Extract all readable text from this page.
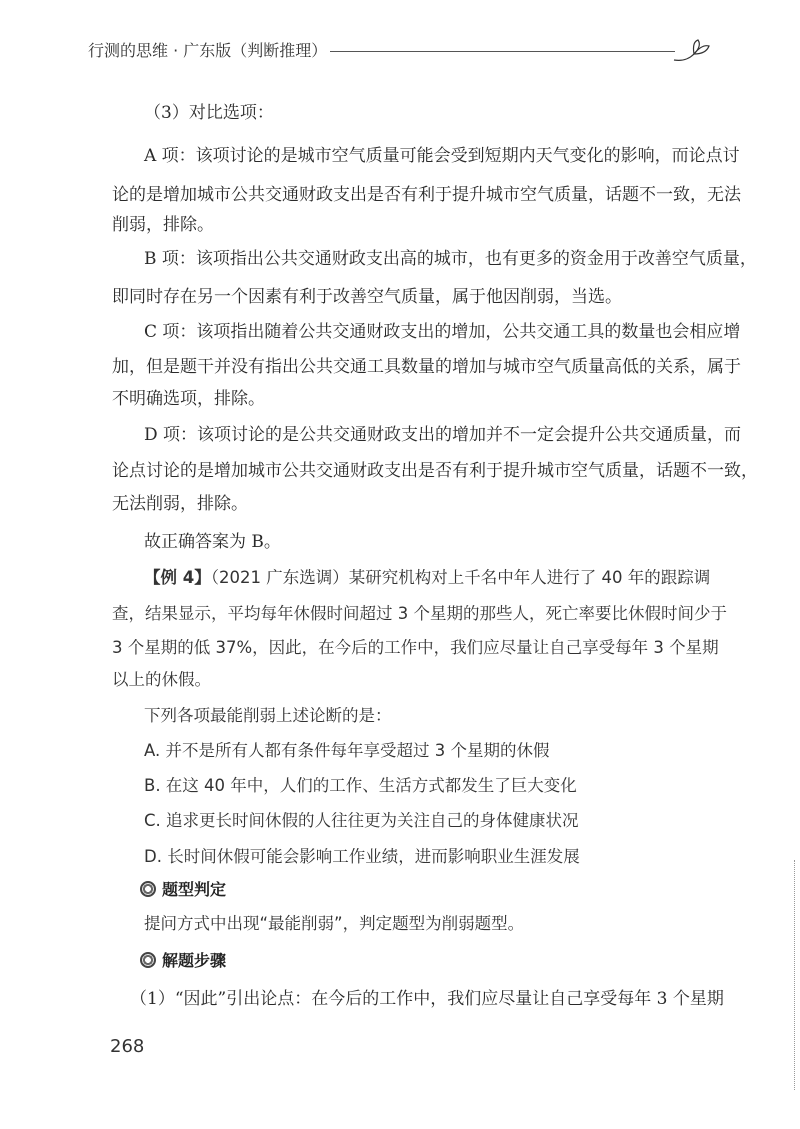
行测的思维 · 广东版（判断推理）
（3）对比选项：
A 项：该项讨论的是城市空气质量可能会受到短期内天气变化的影响，而论点讨
论的是增加城市公共交通财政支出是否有利于提升城市空气质量，话题不一致，无法
削弱，排除。
B 项：该项指出公共交通财政支出高的城市，也有更多的资金用于改善空气质量，
即同时存在另一个因素有利于改善空气质量，属于他因削弱，当选。
C 项：该项指出随着公共交通财政支出的增加，公共交通工具的数量也会相应增
加，但是题干并没有指出公共交通工具数量的增加与城市空气质量高低的关系，属于
不明确选项，排除。
D 项：该项讨论的是公共交通财政支出的增加并不一定会提升公共交通质量，而
论点讨论的是增加城市公共交通财政支出是否有利于提升城市空气质量，话题不一致，
无法削弱，排除。
故正确答案为 B。
【例 4】（2021 广东选调）某研究机构对上千名中年人进行了 40 年的跟踪调
查，结果显示，平均每年休假时间超过 3 个星期的那些人，死亡率要比休假时间少于
3 个星期的低 37%，因此，在今后的工作中，我们应尽量让自己享受每年 3 个星期
以上的休假。
下列各项最能削弱上述论断的是：
A. 并不是所有人都有条件每年享受超过 3 个星期的休假
B. 在这 40 年中，人们的工作、生活方式都发生了巨大变化
C. 追求更长时间休假的人往往更为关注自己的身体健康状况
D. 长时间休假可能会影响工作业绩，进而影响职业生涯发展
题型判定
提问方式中出现“最能削弱”，判定题型为削弱题型。
解题步骤
（1）“因此”引出论点：在今后的工作中，我们应尽量让自己享受每年 3 个星期
268
